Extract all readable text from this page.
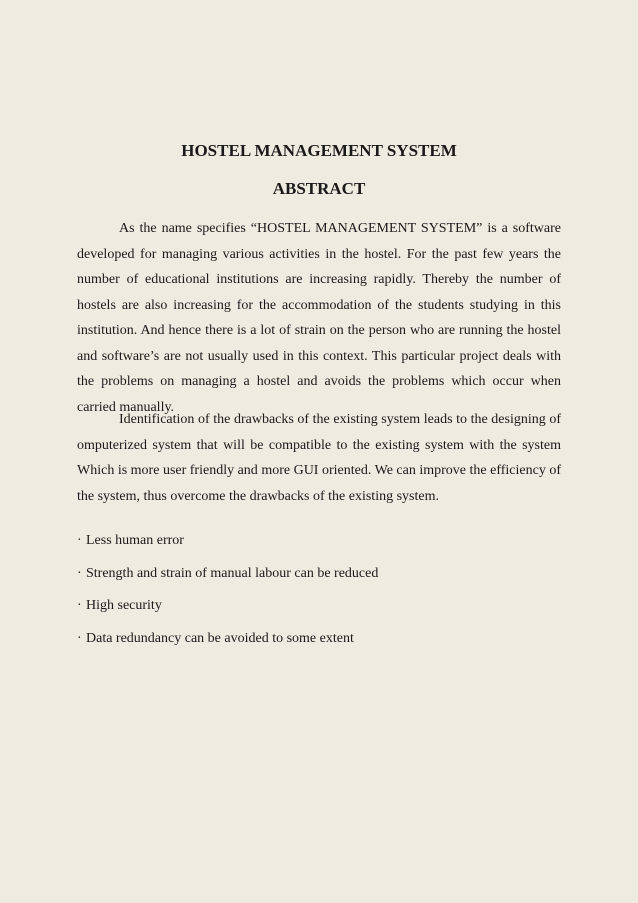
HOSTEL MANAGEMENT SYSTEM
ABSTRACT

As the name specifies “HOSTEL MANAGEMENT SYSTEM” is a software developed for managing various activities in the hostel. For the past few years the number of educational institutions are increasing rapidly. Thereby the number of hostels are also increasing for the accommodation of the students studying in this institution. And hence there is a lot of strain on the person who are running the hostel and software’s are not usually used in this context. This particular project deals with the problems on managing a hostel and avoids the problems which occur when carried manually.

Identification of the drawbacks of the existing system leads to the designing of omputerized system that will be compatible to the existing system with the system Which is more user friendly and more GUI oriented. We can improve the efficiency of the system, thus overcome the drawbacks of the existing system.

· Less human error
· Strength and strain of manual labour can be reduced
· High security
· Data redundancy can be avoided to some extent
